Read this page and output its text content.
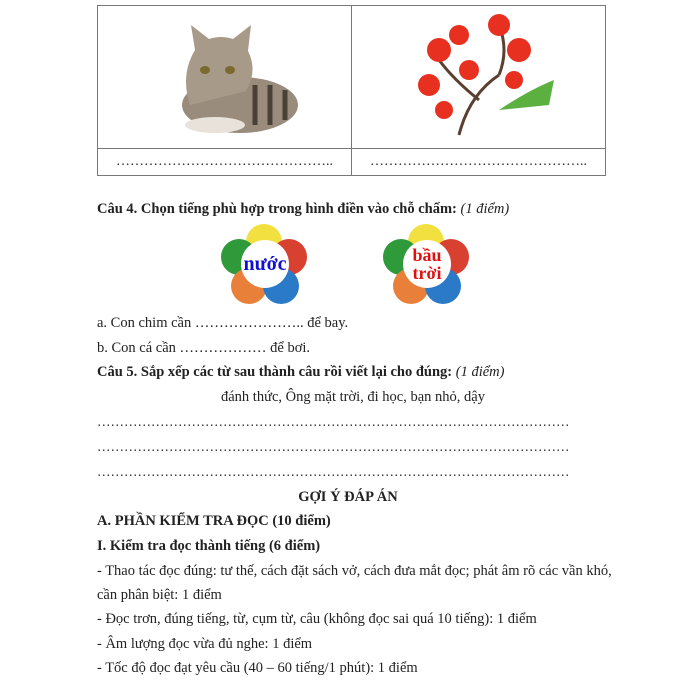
………………………………………..	………………………………………..
Câu 4. Chọn tiếng phù hợp trong hình điền vào chỗ chấm: (1 điểm)
nước	bầu
trời
a. Con chim cần ………………….. để bay.
b. Con cá cần ……………… để bơi.
Câu 5. Sắp xếp các từ sau thành câu rồi viết lại cho đúng: (1 điểm)
đánh thức, Ông mặt trời, đi học, bạn nhỏ, dậy
……………………………………………………………………………………………
……………………………………………………………………………………………
……………………………………………………………………………………………
GỢI Ý ĐÁP ÁN
A. PHẦN KIỂM TRA ĐỌC (10 điểm)
I. Kiểm tra đọc thành tiếng (6 điểm)
- Thao tác đọc đúng: tư thế, cách đặt sách vở, cách đưa mắt đọc; phát âm rõ các vần khó,
cần phân biệt: 1 điểm
- Đọc trơn, đúng tiếng, từ, cụm từ, câu (không đọc sai quá 10 tiếng): 1 điểm
- Âm lượng đọc vừa đủ nghe: 1 điểm
- Tốc độ đọc đạt yêu cầu (40 – 60 tiếng/1 phút): 1 điểm
